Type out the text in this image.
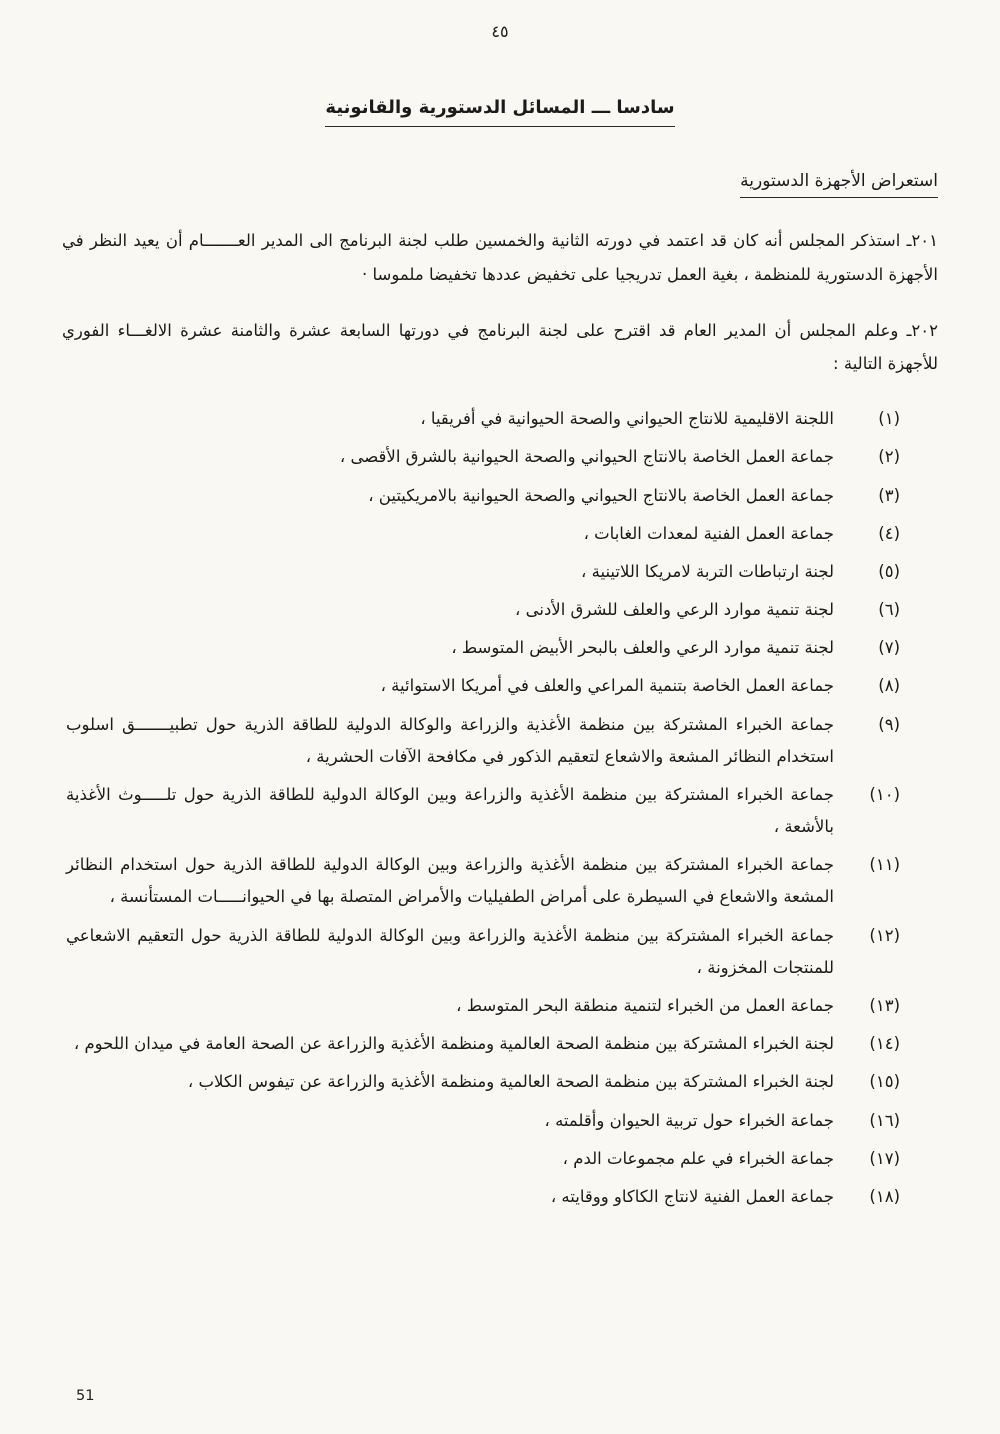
٤٥
سادسا ـــ المسائل الدستورية والقانونية
استعراض الأجهزة الدستورية

٢٠١ـ استذكر المجلس أنه كان قد اعتمد في دورته الثانية والخمسين طلب لجنة البرنامج الى المدير العـــــــام أن يعيد النظر في الأجهزة الدستورية للمنظمة ، بغية العمل تدريجيا على تخفيض عددها تخفيضا ملموسا ·

٢٠٢ـ وعلم المجلس أن المدير العام قد اقترح على لجنة البرنامج في دورتها السابعة عشرة والثامنة عشرة الالغـــاء الفوري للأجهزة التالية :

(١)
اللجنة الاقليمية للانتاج الحيواني والصحة الحيوانية في أفريقيا ،
(٢)
جماعة العمل الخاصة بالانتاج الحيواني والصحة الحيوانية بالشرق الأقصى ،
(٣)
جماعة العمل الخاصة بالانتاج الحيواني والصحة الحيوانية بالامريكيتين ،
(٤)
جماعة العمل الفنية لمعدات الغابات ،
(٥)
لجنة ارتباطات التربة لامريكا اللاتينية ،
(٦)
لجنة تنمية موارد الرعي والعلف للشرق الأدنى ،
(٧)
لجنة تنمية موارد الرعي والعلف بالبحر الأبيض المتوسط ،
(٨)
جماعة العمل الخاصة بتنمية المراعي والعلف في أمريكا الاستوائية ،
(٩)
جماعة الخبراء المشتركة بين منظمة الأغذية والزراعة والوكالة الدولية للطاقة الذرية حول تطبيـــــــق اسلوب استخدام النظائر المشعة والاشعاع لتعقيم الذكور في مكافحة الآفات الحشرية ،
(١٠)
جماعة الخبراء المشتركة بين منظمة الأغذية والزراعة وبين الوكالة الدولية للطاقة الذرية حول تلـــــوث الأغذية بالأشعة ،
(١١)
جماعة الخبراء المشتركة بين منظمة الأغذية والزراعة وبين الوكالة الدولية للطاقة الذرية حول استخدام النظائر المشعة والاشعاع في السيطرة على أمراض الطفيليات والأمراض المتصلة بها في الحيوانـــــات المستأنسة ،
(١٢)
جماعة الخبراء المشتركة بين منظمة الأغذية والزراعة وبين الوكالة الدولية للطاقة الذرية حول التعقيم الاشعاعي للمنتجات المخزونة ،
(١٣)
جماعة العمل من الخبراء لتنمية منطقة البحر المتوسط ،
(١٤)
لجنة الخبراء المشتركة بين منظمة الصحة العالمية ومنظمة الأغذية والزراعة عن الصحة العامة في ميدان اللحوم ،
(١٥)
لجنة الخبراء المشتركة بين منظمة الصحة العالمية ومنظمة الأغذية والزراعة عن تيفوس الكلاب ،
(١٦)
جماعة الخبراء حول تربية الحيوان وأقلمته ،
(١٧)
جماعة الخبراء في علم مجموعات الدم ،
(١٨)
جماعة العمل الفنية لانتاج الكاكاو ووقايته ،
51
